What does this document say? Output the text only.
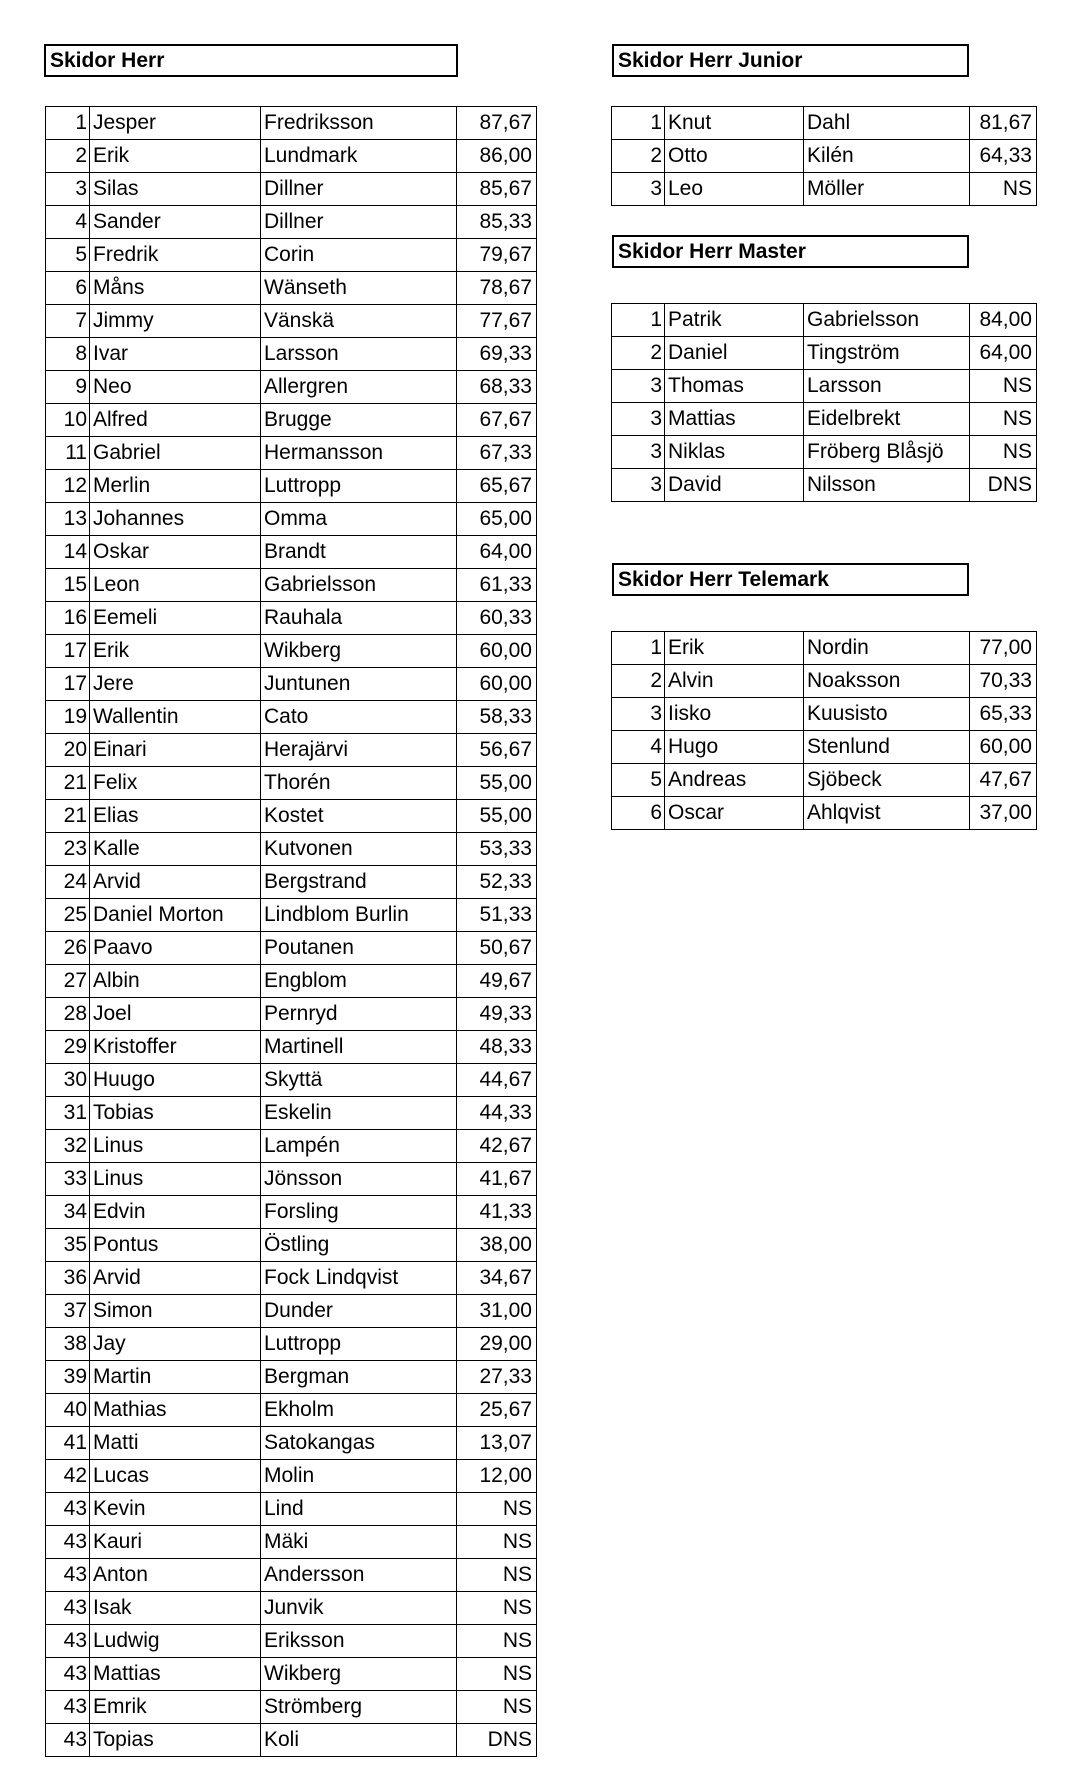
Skidor Herr	Skidor Herr Junior
Skidor Herr Master
Skidor Herr Telemark
1	Jesper	Fredriksson	87,67
2	Erik	Lundmark	86,00
3	Silas	Dillner	85,67
4	Sander	Dillner	85,33
5	Fredrik	Corin	79,67
6	Måns	Wänseth	78,67
7	Jimmy	Vänskä	77,67
8	Ivar	Larsson	69,33
9	Neo	Allergren	68,33
10	Alfred	Brugge	67,67
11	Gabriel	Hermansson	67,33
12	Merlin	Luttropp	65,67
13	Johannes	Omma	65,00
14	Oskar	Brandt	64,00
15	Leon	Gabrielsson	61,33
16	Eemeli	Rauhala	60,33
17	Erik	Wikberg	60,00
17	Jere	Juntunen	60,00
19	Wallentin	Cato	58,33
20	Einari	Herajärvi	56,67
21	Felix	Thorén	55,00
21	Elias	Kostet	55,00
23	Kalle	Kutvonen	53,33
24	Arvid	Bergstrand	52,33
25	Daniel Morton	Lindblom Burlin	51,33
26	Paavo	Poutanen	50,67
27	Albin	Engblom	49,67
28	Joel	Pernryd	49,33
29	Kristoffer	Martinell	48,33
30	Huugo	Skyttä	44,67
31	Tobias	Eskelin	44,33
32	Linus	Lampén	42,67
33	Linus	Jönsson	41,67
34	Edvin	Forsling	41,33
35	Pontus	Östling	38,00
36	Arvid	Fock Lindqvist	34,67
37	Simon	Dunder	31,00
38	Jay	Luttropp	29,00
39	Martin	Bergman	27,33
40	Mathias	Ekholm	25,67
41	Matti	Satokangas	13,07
42	Lucas	Molin	12,00
43	Kevin	Lind	NS
43	Kauri	Mäki	NS
43	Anton	Andersson	NS
43	Isak	Junvik	NS
43	Ludwig	Eriksson	NS
43	Mattias	Wikberg	NS
43	Emrik	Strömberg	NS
43	Topias	Koli	DNS
1	Knut	Dahl	81,67
2	Otto	Kilén	64,33
3	Leo	Möller	NS
1	Patrik	Gabrielsson	84,00
2	Daniel	Tingström	64,00
3	Thomas	Larsson	NS
3	Mattias	Eidelbrekt	NS
3	Niklas	Fröberg Blåsjö	NS
3	David	Nilsson	DNS
1	Erik	Nordin	77,00
2	Alvin	Noaksson	70,33
3	Iisko	Kuusisto	65,33
4	Hugo	Stenlund	60,00
5	Andreas	Sjöbeck	47,67
6	Oscar	Ahlqvist	37,00
